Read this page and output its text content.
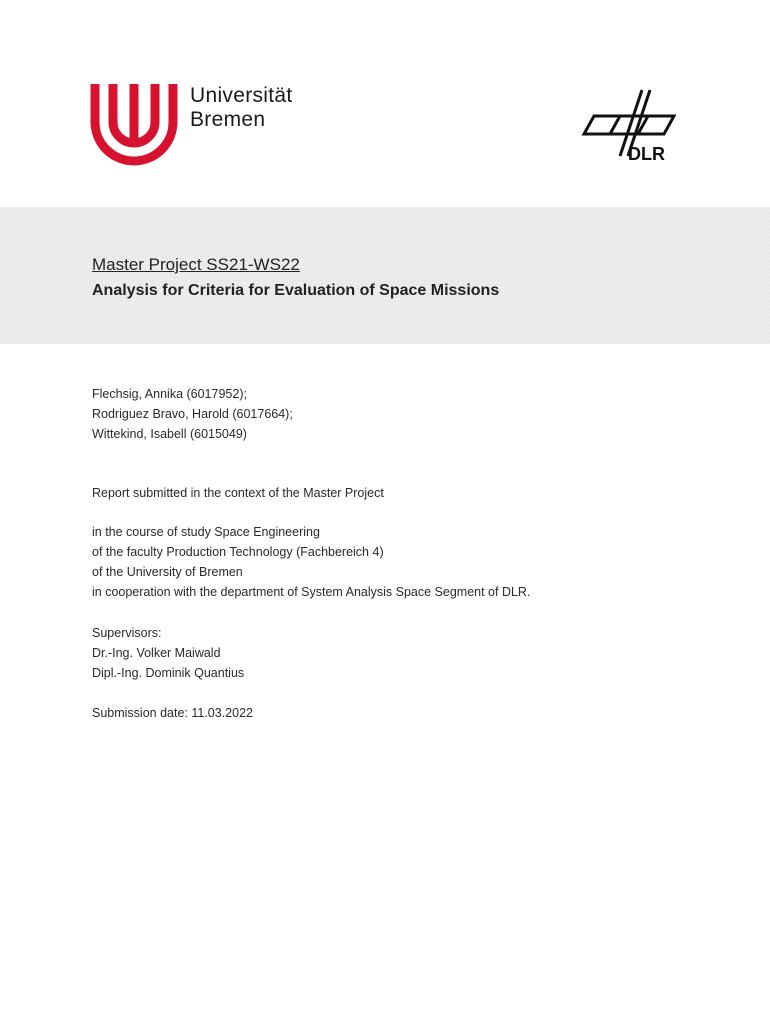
Universität
Bremen
DLR
Master Project SS21-WS22
Analysis for Criteria for Evaluation of Space Missions
Flechsig, Annika (6017952);
Rodriguez Bravo, Harold (6017664);
Wittekind, Isabell (6015049)
Report submitted in the context of the Master Project
in the course of study Space Engineering
of the faculty Production Technology (Fachbereich 4)
of the University of Bremen
in cooperation with the department of System Analysis Space Segment of DLR.
Supervisors:
Dr.-Ing. Volker Maiwald
Dipl.-Ing. Dominik Quantius
Submission date: 11.03.2022
